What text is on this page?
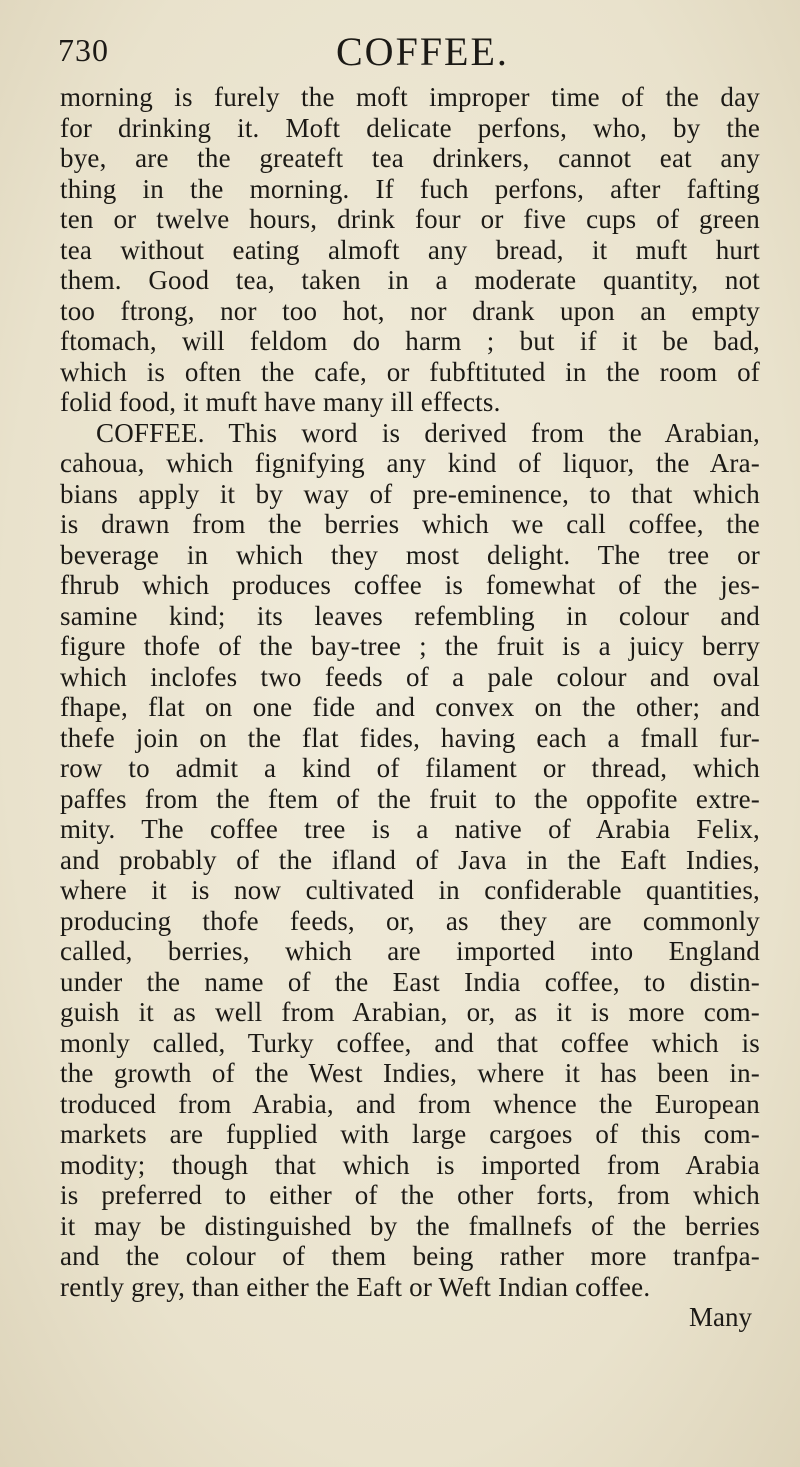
730	COFFEE.
morning is furely the moft improper time of the day
for drinking it. Moft delicate perfons, who, by the
bye, are the greateft tea drinkers, cannot eat any
thing in the morning. If fuch perfons, after fafting
ten or twelve hours, drink four or five cups of green
tea without eating almoft any bread, it muft hurt
them. Good tea, taken in a moderate quantity, not
too ftrong, nor too hot, nor drank upon an empty
ftomach, will feldom do harm ; but if it be bad,
which is often the cafe, or fubftituted in the room of
folid food, it muft have many ill effects.
COFFEE. This word is derived from the Arabian,
cahoua, which fignifying any kind of liquor, the Ara-
bians apply it by way of pre-eminence, to that which
is drawn from the berries which we call coffee, the
beverage in which they most delight. The tree or
fhrub which produces coffee is fomewhat of the jes-
samine kind; its leaves refembling in colour and
figure thofe of the bay-tree ; the fruit is a juicy berry
which inclofes two feeds of a pale colour and oval
fhape, flat on one fide and convex on the other; and
thefe join on the flat fides, having each a fmall fur-
row to admit a kind of filament or thread, which
paffes from the ftem of the fruit to the oppofite extre-
mity. The coffee tree is a native of Arabia Felix,
and probably of the ifland of Java in the Eaft Indies,
where it is now cultivated in confiderable quantities,
producing thofe feeds, or, as they are commonly
called, berries, which are imported into England
under the name of the East India coffee, to distin-
guish it as well from Arabian, or, as it is more com-
monly called, Turky coffee, and that coffee which is
the growth of the West Indies, where it has been in-
troduced from Arabia, and from whence the European
markets are fupplied with large cargoes of this com-
modity; though that which is imported from Arabia
is preferred to either of the other forts, from which
it may be distinguished by the fmallnefs of the berries
and the colour of them being rather more tranfpa-
rently grey, than either the Eaft or Weft Indian coffee.
Many
